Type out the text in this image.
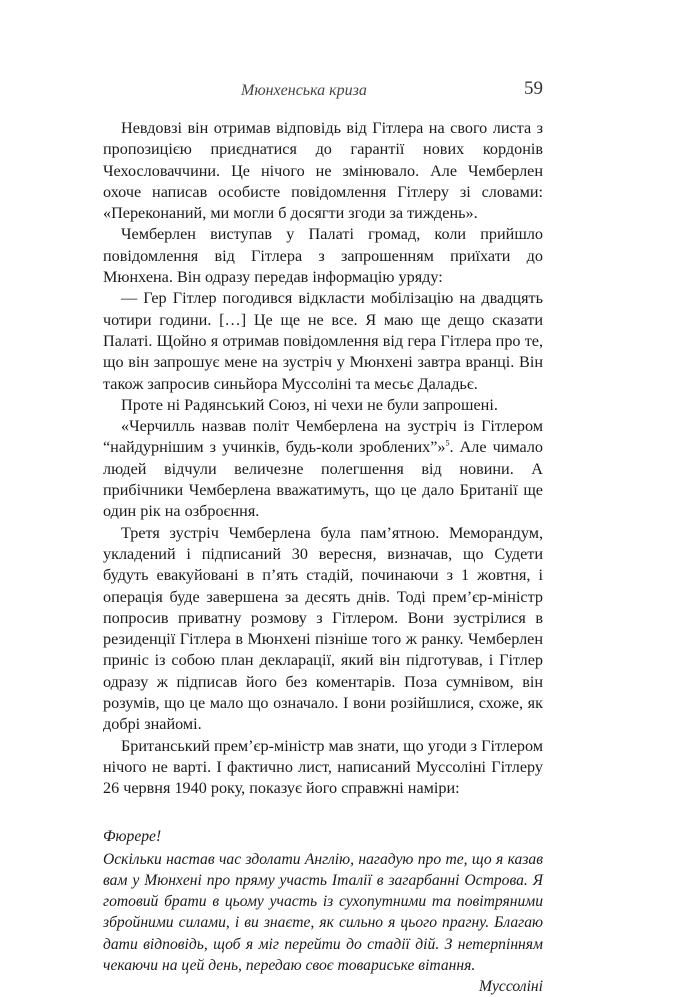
Мюнхенська криза	59

Невдовзі він отримав відповідь від Гітлера на свого листа з пропозицією приєднатися до гарантії нових кордонів Чехословаччини. Це нічого не змінювало. Але Чемберлен охоче написав особисте повідомлення Гітлеру зі словами: «Переконаний, ми могли б досягти згоди за тиждень».

Чемберлен виступав у Палаті громад, коли прийшло повідомлення від Гітлера з запрошенням приїхати до Мюнхена. Він одразу передав інформацію уряду:

— Гер Гітлер погодився відкласти мобілізацію на двадцять чотири години. […] Це ще не все. Я маю ще дещо сказати Палаті. Щойно я отримав повідомлення від гера Гітлера про те, що він запрошує мене на зустріч у Мюнхені завтра вранці. Він також запросив синьйора Муссоліні та месьє Даладьє.

Проте ні Радянський Союз, ні чехи не були запрошені.

«Черчилль назвав політ Чемберлена на зустріч із Гітлером “найдурнішим з учинків, будь-коли зроблених”»$^5$. Але чимало людей відчули величезне полегшення від новини. А прибічники Чемберлена вважатимуть, що це дало Британії ще один рік на озброєння.

Третя зустріч Чемберлена була пам’ятною. Меморандум, укладений і підписаний 30 вересня, визначав, що Судети будуть евакуйовані в п’ять стадій, починаючи з 1 жовтня, і операція буде завершена за десять днів. Тоді прем’єр-міністр попросив приватну розмову з Гітлером. Вони зустрілися в резиденції Гітлера в Мюнхені пізніше того ж ранку. Чемберлен приніс із собою план декларації, який він підготував, і Гітлер одразу ж підписав його без коментарів. Поза сумнівом, він розумів, що це мало що означало. І вони розійшлися, схоже, як добрі знайомі.

Британський прем’єр-міністр мав знати, що угоди з Гітлером нічого не варті. І фактично лист, написаний Муссоліні Гітлеру 26 червня 1940 року, показує його справжні наміри:

Фюрере!

Оскільки настав час здолати Англію, нагадую про те, що я казав вам у Мюнхені про пряму участь Італії в загарбанні Острова. Я готовий брати в цьому участь із сухопутними та повітряними збройними силами, і ви знаєте, як сильно я цього прагну. Благаю дати відповідь, щоб я міг перейти до стадії дій. З нетерпінням чекаючи на цей день, передаю своє товариське вітання.

Муссоліні
